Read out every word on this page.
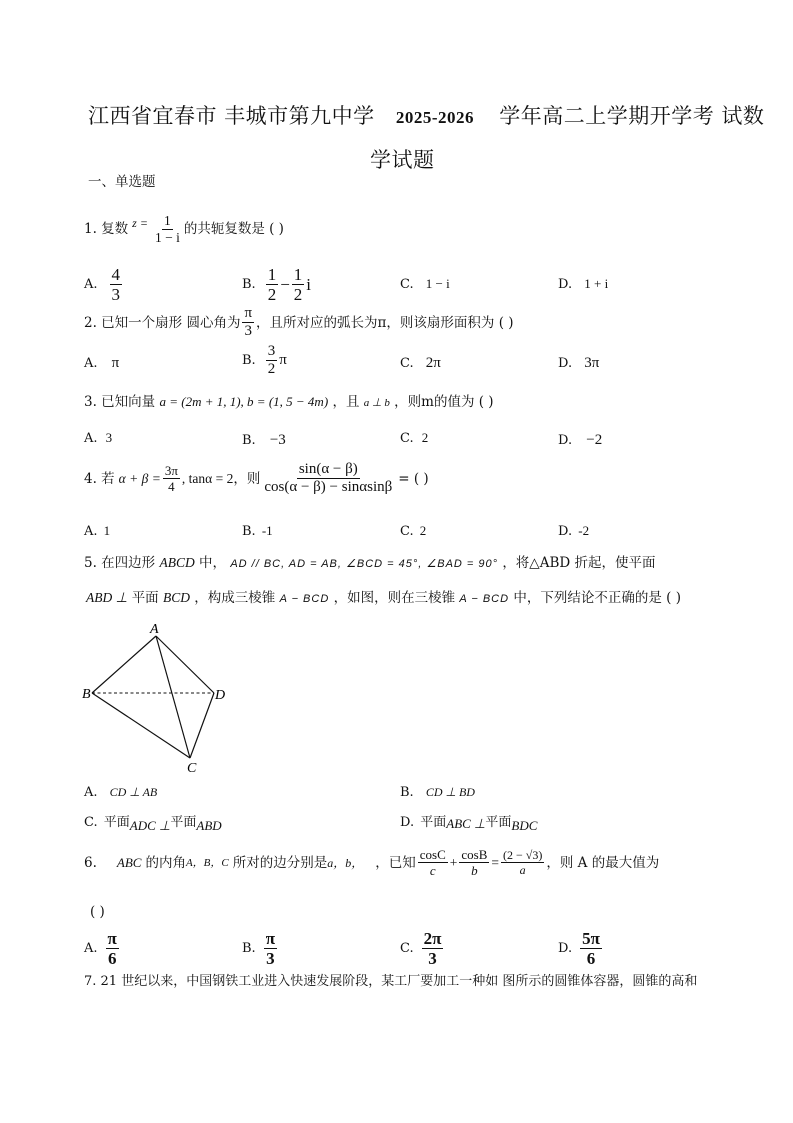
江西省宜春市 丰城市第九中学 2025-2026 学年高二上学期开学考 试数
学试题
一、单选题
1. 复数 $z = \frac{1}{1 - i}$ 的共轭复数是 ( )
A. $\frac{4}{3}$	B. $\frac{1}{2} - \frac{1}{2}$ i	C. 1 − i	D. 1 + i
2. 已知一个扇形 圆心角为 $\frac{\pi}{3}$ ，且所对应的弧长为π，则该扇形面积为 ( )
A. π	B. $\frac{3}{2}$ π	C. 2π	D. 3π
3. 已知向量 a = (2m + 1, 1), b = (1, 5 − 4m) ，且 a ⊥ b ，则m的值为 ( )
A. 3	B. −3	C. 2	D. −2
4. 若 $\alpha + \beta = \frac{3\pi}{4}$ , tanα = 2 ，则 $\frac{\sin(\alpha - \beta)}{\cos(\alpha - \beta) - \sin\alpha\sin\beta}$ = ( )
A. 1	B. -1	C. 2	D. -2
5. 在四边形 ABCD 中， AD // BC, AD = AB, ∠BCD = 45°, ∠BAD = 90° ，将△ABD 折起，使平面
ABD ⊥ 平面 BCD ，构成三棱锥 A − BCD ，如图，则在三棱锥 A − BCD 中，下列结论不正确的是 ( )
A
B
C
D
A. CD ⊥ AB	B. CD ⊥ BD
C. 平面ADC ⊥平面ABD	D. 平面ABC ⊥平面BDC
6. ABC 的内角 A，B，C 所对的边分别是 a，b， ，已知 $\frac{\cos C}{c} + \frac{\cos B}{b} = \frac{(2 - √3)}{a}$ ，则 A 的最大值为
( )
A. $\frac{\pi}{6}$	B. $\frac{\pi}{3}$	C. $\frac{2\pi}{3}$	D. $\frac{5\pi}{6}$
7. 21 世纪以来，中国钢铁工业进入快速发展阶段，某工厂要加工一种如 图所示的圆锥体容器，圆锥的高和
